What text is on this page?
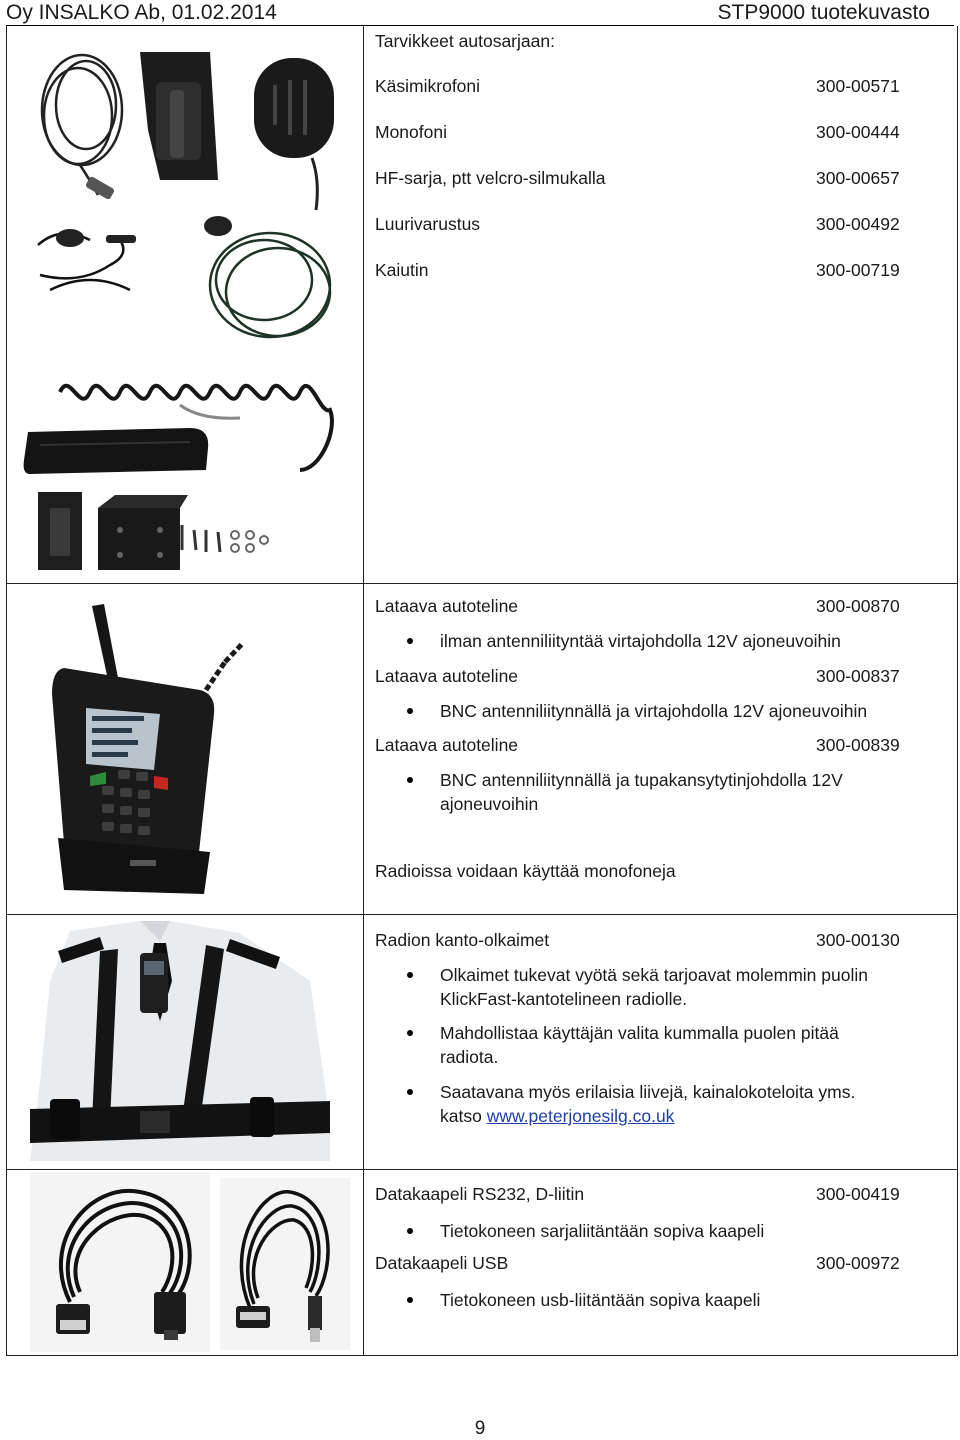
Oy INSALKO Ab, 01.02.2014	STP9000 tuotekuvasto
Tarvikkeet autosarjaan:
Käsimikrofoni	300-00571
Monofoni	300-00444
HF-sarja, ptt velcro-silmukalla	300-00657
Luurivarustus	300-00492
Kaiutin	300-00719
Lataava autoteline	300-00870
ilman antenniliityntää virtajohdolla 12V ajoneuvoihin
Lataava autoteline	300-00837
BNC antenniliitynnällä ja virtajohdolla 12V ajoneuvoihin
Lataava autoteline	300-00839
BNC antenniliitynnällä ja tupakansytytinjohdolla 12V
ajoneuvoihin
Radioissa voidaan käyttää monofoneja
Radion kanto-olkaimet	300-00130
Olkaimet tukevat vyötä sekä tarjoavat molemmin puolin
KlickFast-kantotelineen radiolle.
Mahdollistaa käyttäjän valita kummalla puolen pitää
radiota.
Saatavana myös erilaisia liivejä, kainalokoteloita yms.
katso www.peterjonesilg.co.uk
Datakaapeli RS232, D-liitin	300-00419
Tietokoneen sarjaliitäntään sopiva kaapeli
Datakaapeli USB	300-00972
Tietokoneen usb-liitäntään sopiva kaapeli
9
